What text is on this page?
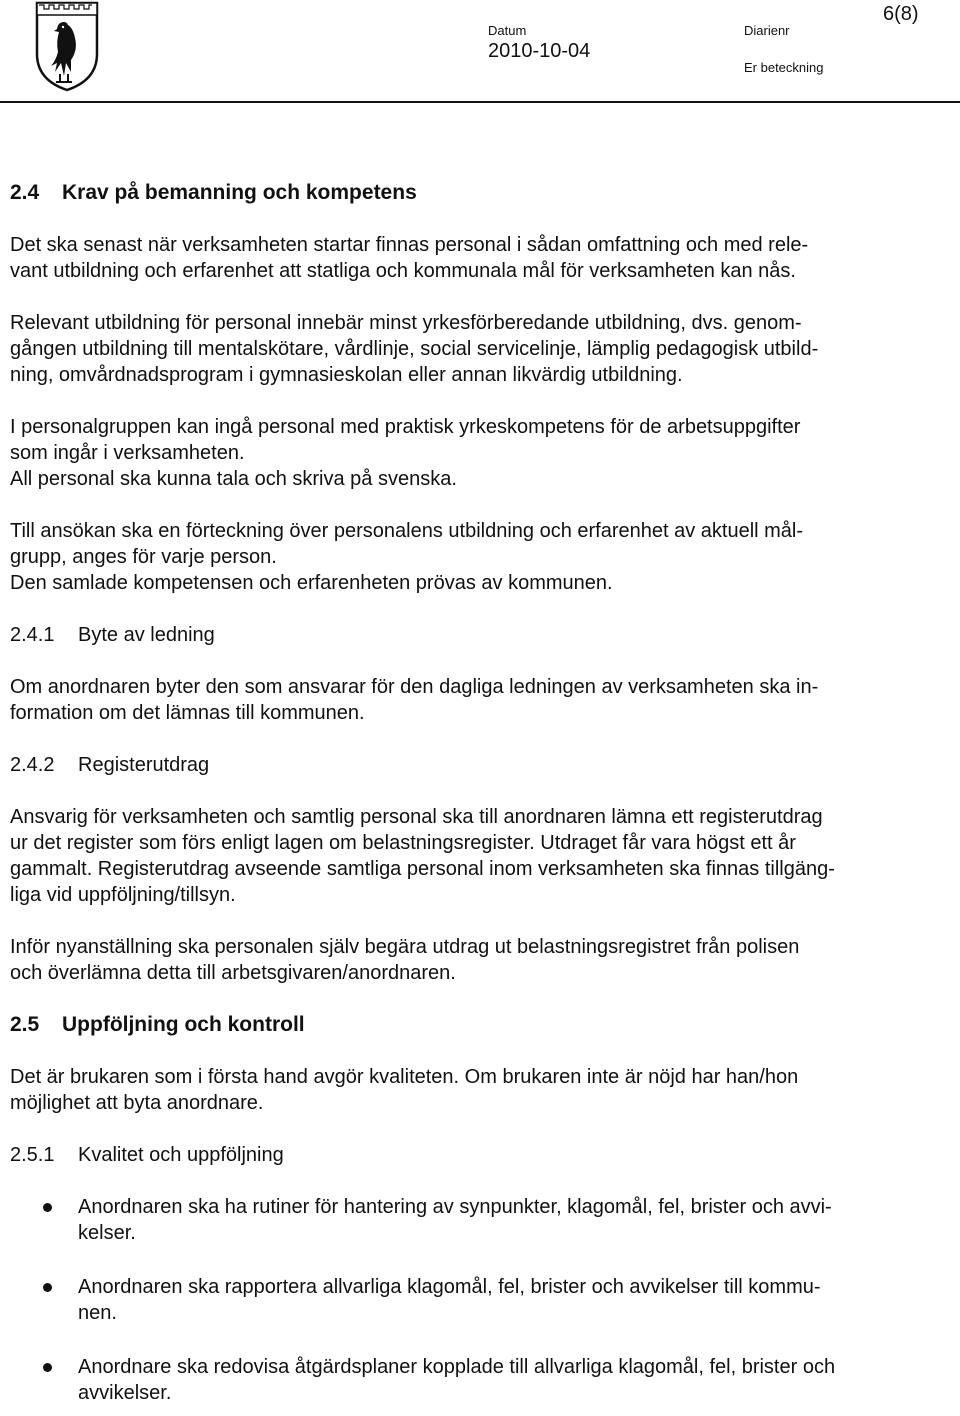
6(8)
Datum
2010-10-04
Diarienr
Er beteckning

2.4 Krav på bemanning och kompetens

Det ska senast när verksamheten startar finnas personal i sådan omfattning och med rele-
vant utbildning och erfarenhet att statliga och kommunala mål för verksamheten kan nås.

Relevant utbildning för personal innebär minst yrkesförberedande utbildning, dvs. genom-
gången utbildning till mentalskötare, vårdlinje, social servicelinje, lämplig pedagogisk utbild-
ning, omvårdnadsprogram i gymnasieskolan eller annan likvärdig utbildning.

I personalgruppen kan ingå personal med praktisk yrkeskompetens för de arbetsuppgifter
som ingår i verksamheten.
All personal ska kunna tala och skriva på svenska.

Till ansökan ska en förteckning över personalens utbildning och erfarenhet av aktuell mål-
grupp, anges för varje person.
Den samlade kompetensen och erfarenheten prövas av kommunen.

2.4.1 Byte av ledning

Om anordnaren byter den som ansvarar för den dagliga ledningen av verksamheten ska in-
formation om det lämnas till kommunen.

2.4.2 Registerutdrag

Ansvarig för verksamheten och samtlig personal ska till anordnaren lämna ett registerutdrag
ur det register som förs enligt lagen om belastningsregister. Utdraget får vara högst ett år
gammalt. Registerutdrag avseende samtliga personal inom verksamheten ska finnas tillgäng-
liga vid uppföljning/tillsyn.

Inför nyanställning ska personalen själv begära utdrag ut belastningsregistret från polisen
och överlämna detta till arbetsgivaren/anordnaren.

2.5 Uppföljning och kontroll

Det är brukaren som i första hand avgör kvaliteten. Om brukaren inte är nöjd har han/hon
möjlighet att byta anordnare.

2.5.1 Kvalitet och uppföljning

Anordnaren ska ha rutiner för hantering av synpunkter, klagomål, fel, brister och avvi-
kelser.
Anordnaren ska rapportera allvarliga klagomål, fel, brister och avvikelser till kommu-
nen.
Anordnare ska redovisa åtgärdsplaner kopplade till allvarliga klagomål, fel, brister och
avvikelser.
